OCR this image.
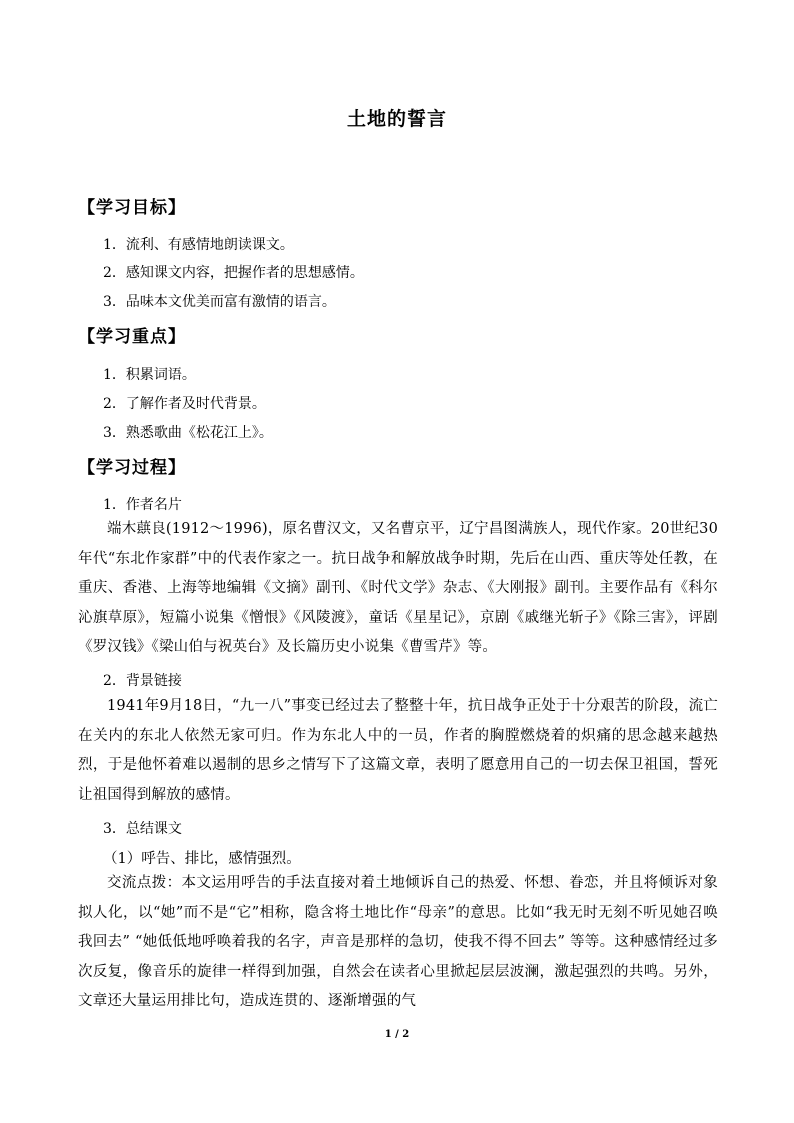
土地的誓言
【学习目标】
1．流利、有感情地朗读课文。
2．感知课文内容，把握作者的思想感情。
3．品味本文优美而富有激情的语言。
【学习重点】
1．积累词语。
2．了解作者及时代背景。
3．熟悉歌曲《松花江上》。
【学习过程】
1．作者名片
端木蕻良(1912～1996)，原名曹汉文，又名曹京平，辽宁昌图满族人，现代作家。20世纪30年代“东北作家群”中的代表作家之一。抗日战争和解放战争时期，先后在山西、重庆等处任教，在重庆、香港、上海等地编辑《文摘》副刊、《时代文学》杂志、《大刚报》副刊。主要作品有《科尔沁旗草原》，短篇小说集《憎恨》《风陵渡》，童话《星星记》，京剧《戚继光斩子》《除三害》，评剧《罗汉钱》《梁山伯与祝英台》及长篇历史小说集《曹雪芹》等。
2．背景链接
1941年9月18日，“九一八”事变已经过去了整整十年，抗日战争正处于十分艰苦的阶段，流亡在关内的东北人依然无家可归。作为东北人中的一员，作者的胸膛燃烧着的炽痛的思念越来越热烈，于是他怀着难以遏制的思乡之情写下了这篇文章，表明了愿意用自己的一切去保卫祖国，誓死让祖国得到解放的感情。
3．总结课文
（1）呼告、排比，感情强烈。
交流点拨：本文运用呼告的手法直接对着土地倾诉自己的热爱、怀想、眷恋，并且将倾诉对象拟人化，以“她”而不是“它”相称，隐含将土地比作“母亲”的意思。比如“我无时无刻不听见她召唤我回去” “她低低地呼唤着我的名字，声音是那样的急切，使我不得不回去” 等等。这种感情经过多次反复，像音乐的旋律一样得到加强，自然会在读者心里掀起层层波澜，激起强烈的共鸣。另外，文章还大量运用排比句，造成连贯的、逐渐增强的气
1 / 2
